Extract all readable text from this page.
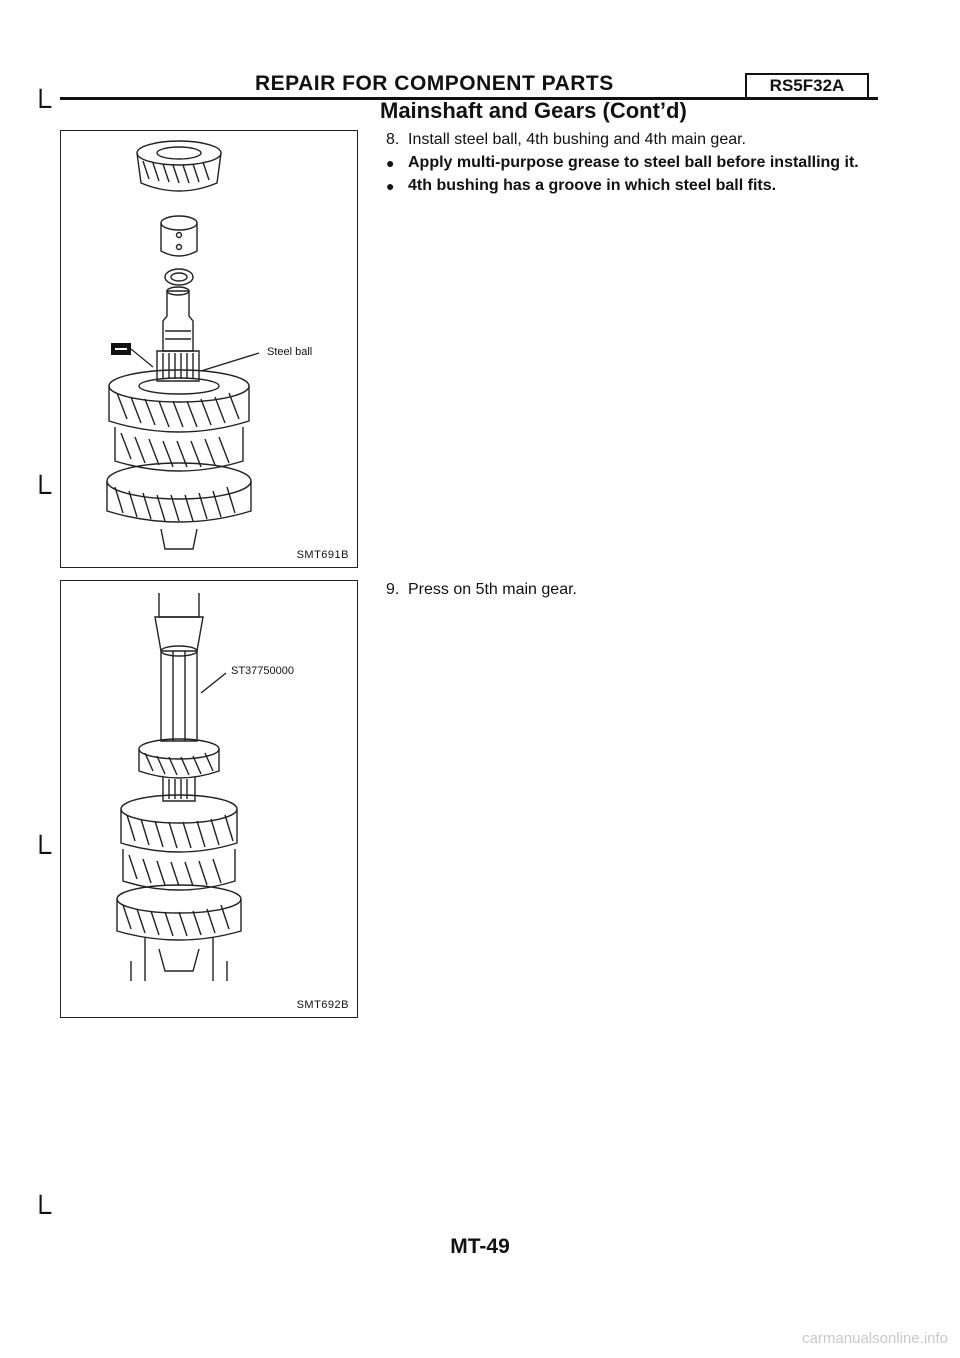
└
└
└
└
REPAIR FOR COMPONENT PARTS	RS5F32A
Mainshaft and Gears (Cont’d)
Steel ball
SMT691B
ST37750000
SMT692B
8. Install steel ball, 4th bushing and 4th main gear.
● Apply multi-purpose grease to steel ball before installing it.
● 4th bushing has a groove in which steel ball fits.
9. Press on 5th main gear.
MT-49
carmanualsonline.info
